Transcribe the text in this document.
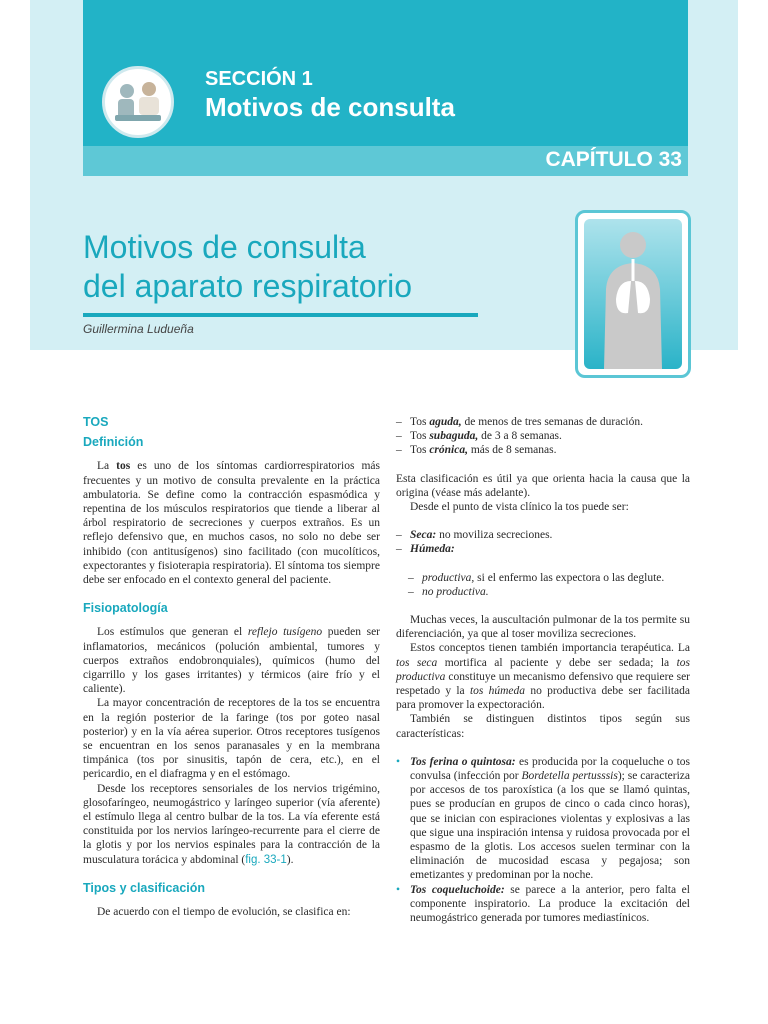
SECCIÓN 1
Motivos de consulta
CAPÍTULO 33
Motivos de consulta
del aparato respiratorio
Guillermina Ludueña
TOS
Definición

La tos es uno de los síntomas cardiorrespiratorios más frecuentes y un motivo de consulta prevalente en la práctica ambulatoria. Se define como la contracción espasmódica y repentina de los músculos respiratorios que tiende a liberar al árbol respiratorio de secreciones y cuerpos extraños. Es un reflejo defensivo que, en muchos casos, no solo no debe ser inhibido (con antitusígenos) sino facilitado (con mucolíticos, expectorantes y fisioterapia respiratoria). El síntoma tos siempre debe ser enfocado en el contexto general del paciente.

Fisiopatología

Los estímulos que generan el reflejo tusígeno pueden ser inflamatorios, mecánicos (polución ambiental, tumores y cuerpos extraños endobronquiales), químicos (humo del cigarrillo y los gases irritantes) y térmicos (aire frío y el caliente).

La mayor concentración de receptores de la tos se encuentra en la región posterior de la faringe (tos por goteo nasal posterior) y en la vía aérea superior. Otros receptores tusígenos se encuentran en los senos paranasales y en la membrana timpánica (tos por sinusitis, tapón de cera, etc.), en el pericardio, en el diafragma y en el estómago.

Desde los receptores sensoriales de los nervios trigémino, glosofaríngeo, neumogástrico y laríngeo superior (vía aferente) el estímulo llega al centro bulbar de la tos. La vía eferente está constituida por los nervios laríngeo-recurrente para el cierre de la glotis y por los nervios espinales para la contracción de la musculatura torácica y abdominal (fig. 33-1).

Tipos y clasificación

De acuerdo con el tiempo de evolución, se clasifica en:

– Tos aguda, de menos de tres semanas de duración.
– Tos subaguda, de 3 a 8 semanas.
– Tos crónica, más de 8 semanas.

Esta clasificación es útil ya que orienta hacia la causa que la origina (véase más adelante).

Desde el punto de vista clínico la tos puede ser:

– Seca: no moviliza secreciones.
– Húmeda:
– productiva, si el enfermo las expectora o las deglute.
– no productiva.

Muchas veces, la auscultación pulmonar de la tos permite su diferenciación, ya que al toser moviliza secreciones.

Estos conceptos tienen también importancia terapéutica. La tos seca mortifica al paciente y debe ser sedada; la tos productiva constituye un mecanismo defensivo que requiere ser respetado y la tos húmeda no productiva debe ser facilitada para promover la expectoración.

También se distinguen distintos tipos según sus características:

• Tos ferina o quintosa: es producida por la coqueluche o tos convulsa (infección por Bordetella pertusssis); se caracteriza por accesos de tos paroxística (a los que se llamó quintas, pues se producían en grupos de cinco o cada cinco horas), que se inician con espiraciones violentas y explosivas a las que sigue una inspiración intensa y ruidosa provocada por el espasmo de la glotis. Los accesos suelen terminar con la eliminación de mucosidad escasa y pegajosa; son emetizantes y predominan por la noche.
• Tos coqueluchoide: se parece a la anterior, pero falta el componente inspiratorio. La produce la excitación del neumogástrico generada por tumores mediastínicos.
